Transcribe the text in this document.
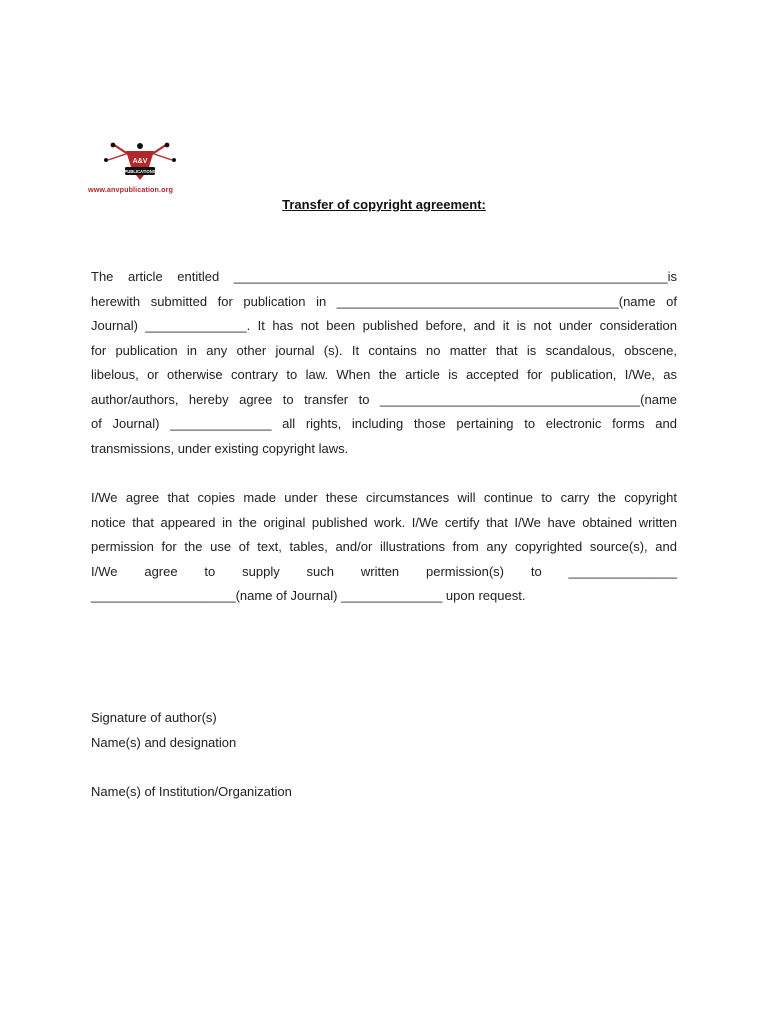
A&V
PUBLICATIONS
www.anvpublication.org
Transfer of copyright agreement:
The article entitled ____________________________________________________________is
herewith submitted for publication in _______________________________________(name of
Journal) ______________. It has not been published before, and it is not under consideration
for publication in any other journal (s). It contains no matter that is scandalous, obscene,
libelous, or otherwise contrary to law. When the article is accepted for publication, I/We, as
author/authors, hereby agree to transfer to ____________________________________(name
of Journal) ______________ all rights, including those pertaining to electronic forms and
transmissions, under existing copyright laws.
I/We agree that copies made under these circumstances will continue to carry the copyright
notice that appeared in the original published work. I/We certify that I/We have obtained written
permission for the use of text, tables, and/or illustrations from any copyrighted source(s), and
I/We agree to supply such written permission(s) to _______________
____________________(name of Journal) ______________ upon request.
Signature of author(s)
Name(s) and designation
Name(s) of Institution/Organization
